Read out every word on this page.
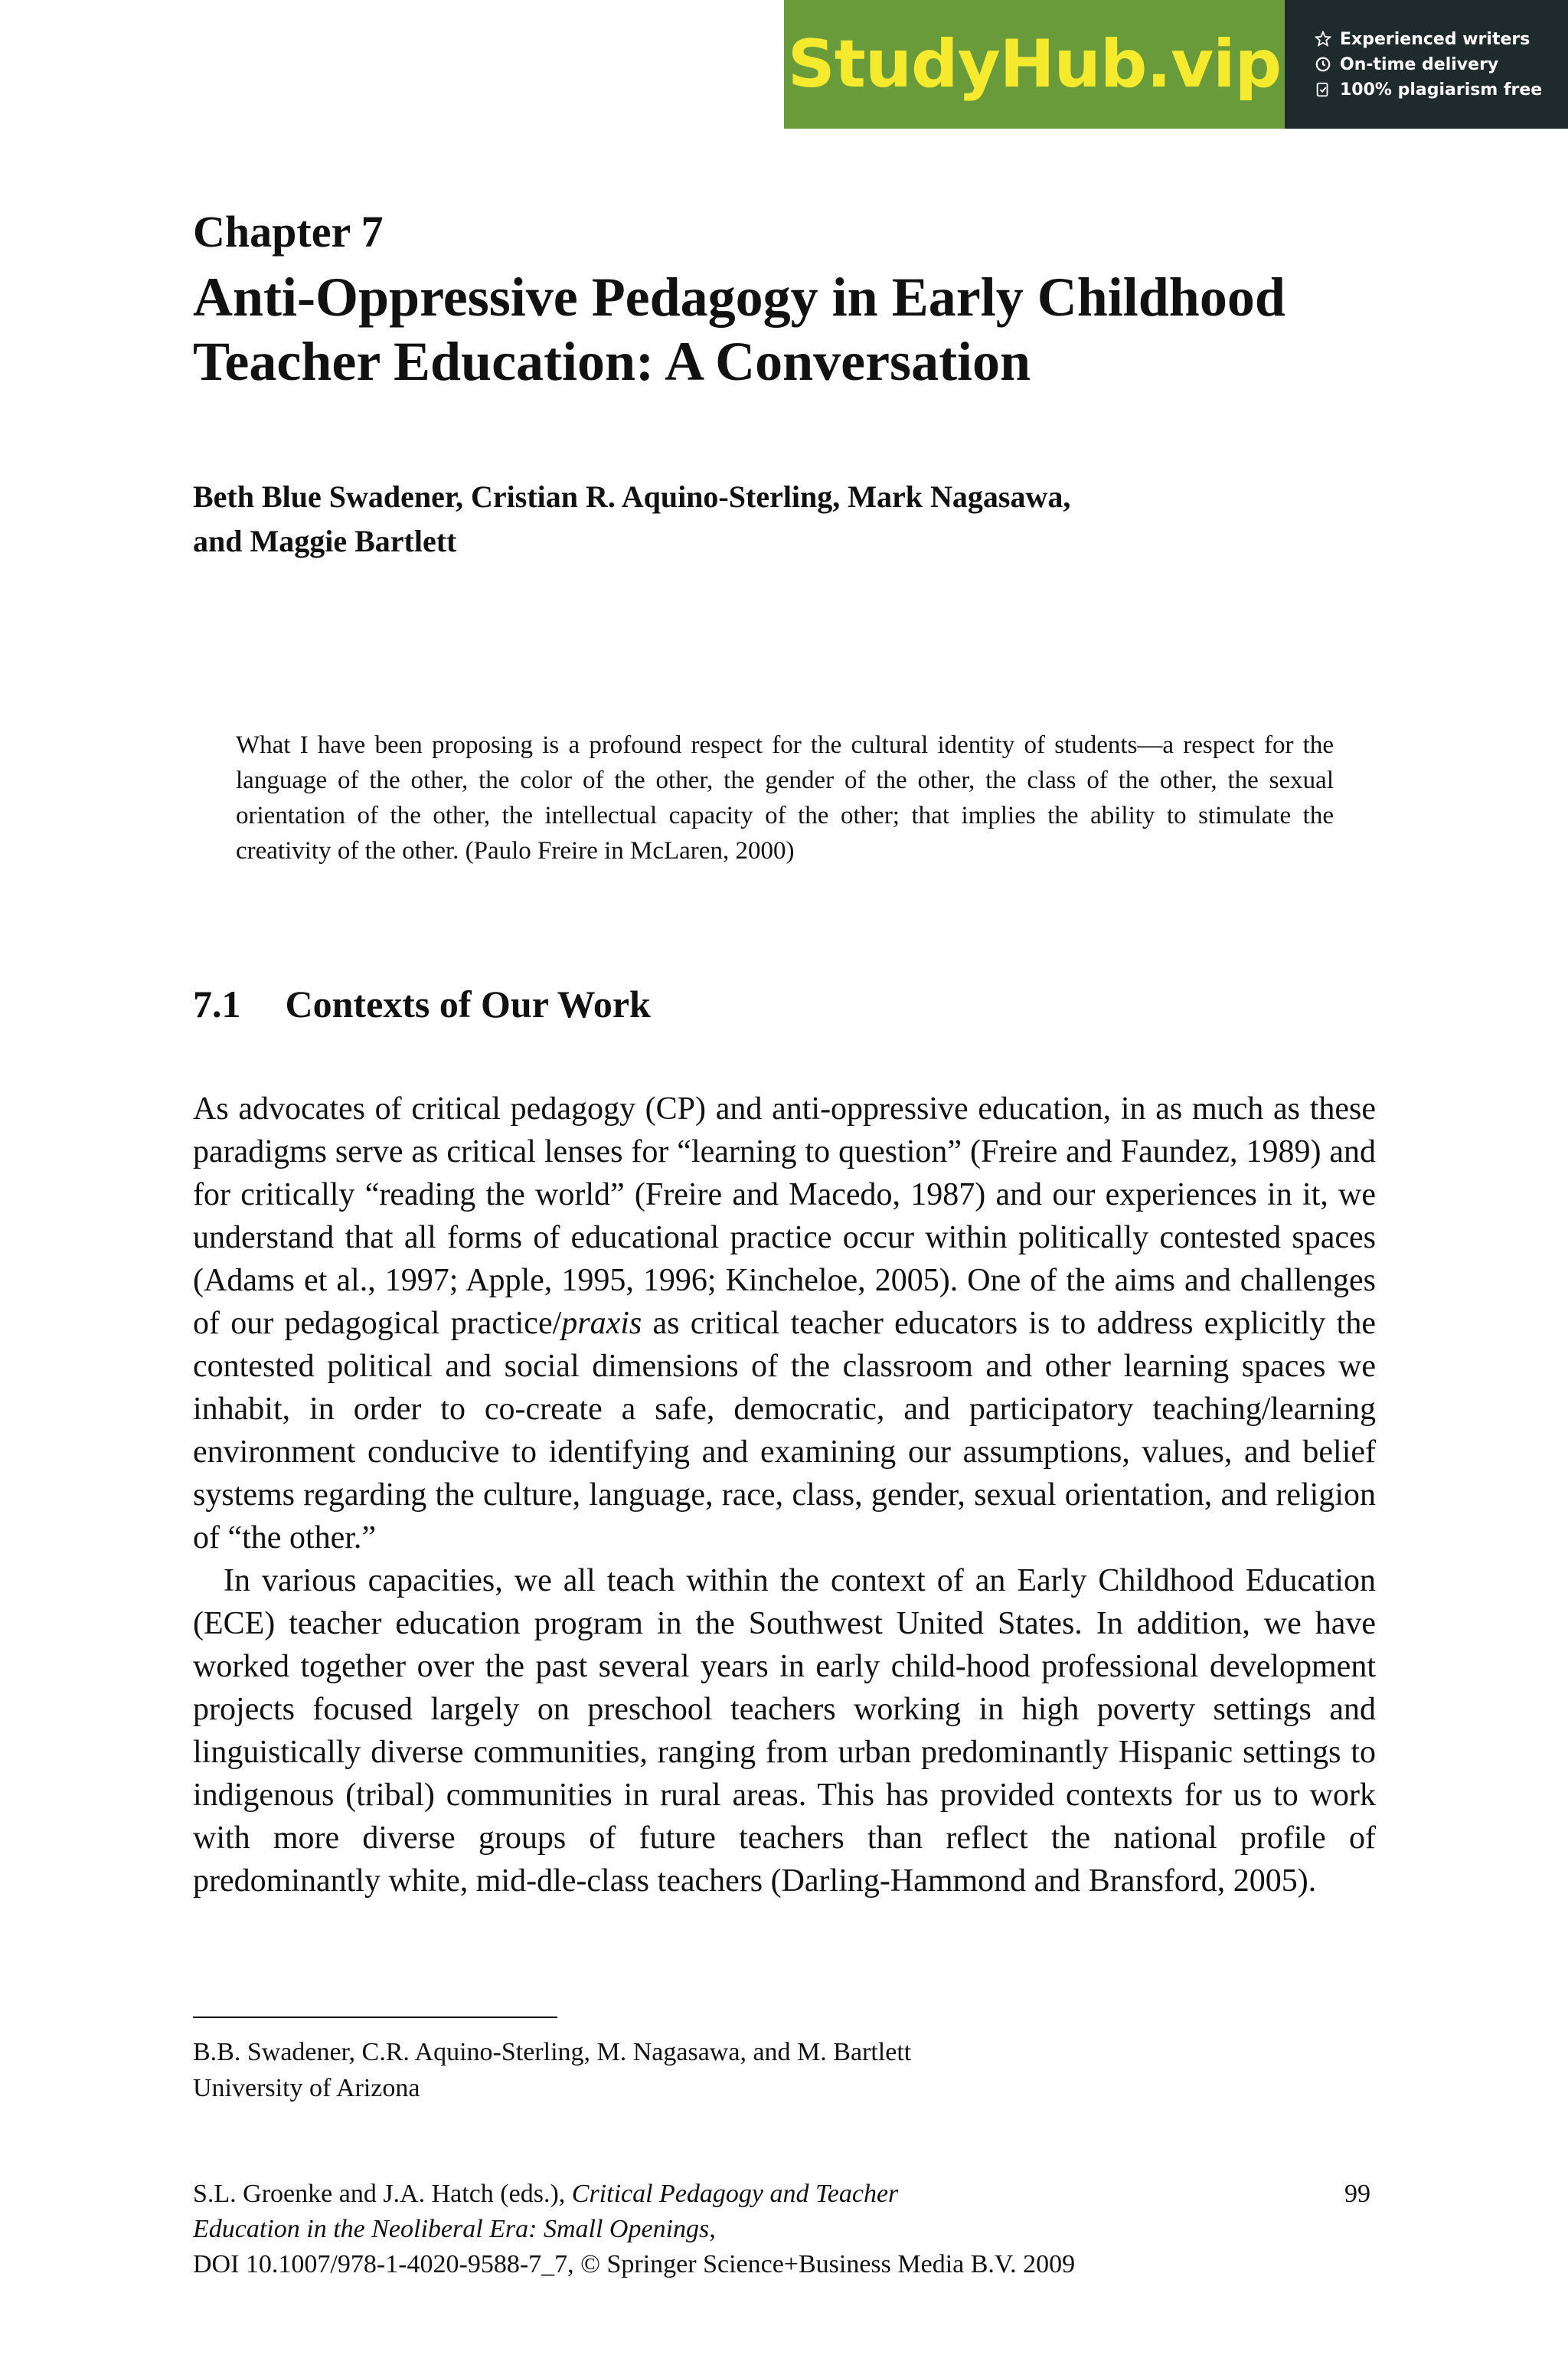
StudyHub.vip	Experienced writers
On-time delivery
100% plagiarism free
Chapter 7
Anti-Oppressive Pedagogy in Early Childhood
Teacher Education: A Conversation
Beth Blue Swadener, Cristian R. Aquino-Sterling, Mark Nagasawa,
and Maggie Bartlett
What I have been proposing is a profound respect for the cultural identity of students—a respect for the language of the other, the color of the other, the gender of the other, the class of the other, the sexual orientation of the other, the intellectual capacity of the other; that implies the ability to stimulate the creativity of the other. (Paulo Freire in McLaren, 2000)
7.1 Contexts of Our Work

As advocates of critical pedagogy (CP) and anti-oppressive education, in as much as these paradigms serve as critical lenses for “learning to question” (Freire and Faundez, 1989) and for critically “reading the world” (Freire and Macedo, 1987) and our experiences in it, we understand that all forms of educational practice occur within politically contested spaces (Adams et al., 1997; Apple, 1995, 1996; Kincheloe, 2005). One of the aims and challenges of our pedagogical practice/praxis as critical teacher educators is to address explicitly the contested political and social dimensions of the classroom and other learning spaces we inhabit, in order to co-create a safe, democratic, and participatory teaching/learning environment conducive to identifying and examining our assumptions, values, and belief systems regarding the culture, language, race, class, gender, sexual orientation, and religion of “the other.”

In various capacities, we all teach within the context of an Early Childhood Education (ECE) teacher education program in the Southwest United States. In addition, we have worked together over the past several years in early child-hood professional development projects focused largely on preschool teachers working in high poverty settings and linguistically diverse communities, ranging from urban predominantly Hispanic settings to indigenous (tribal) communities in rural areas. This has provided contexts for us to work with more diverse groups of future teachers than reflect the national profile of predominantly white, mid-dle-class teachers (Darling-Hammond and Bransford, 2005).

B.B. Swadener, C.R. Aquino-Sterling, M. Nagasawa, and M. Bartlett
University of Arizona
S.L. Groenke and J.A. Hatch (eds.), Critical Pedagogy and Teacher
Education in the Neoliberal Era: Small Openings,
DOI 10.1007/978-1-4020-9588-7_7, © Springer Science+Business Media B.V. 2009
99
